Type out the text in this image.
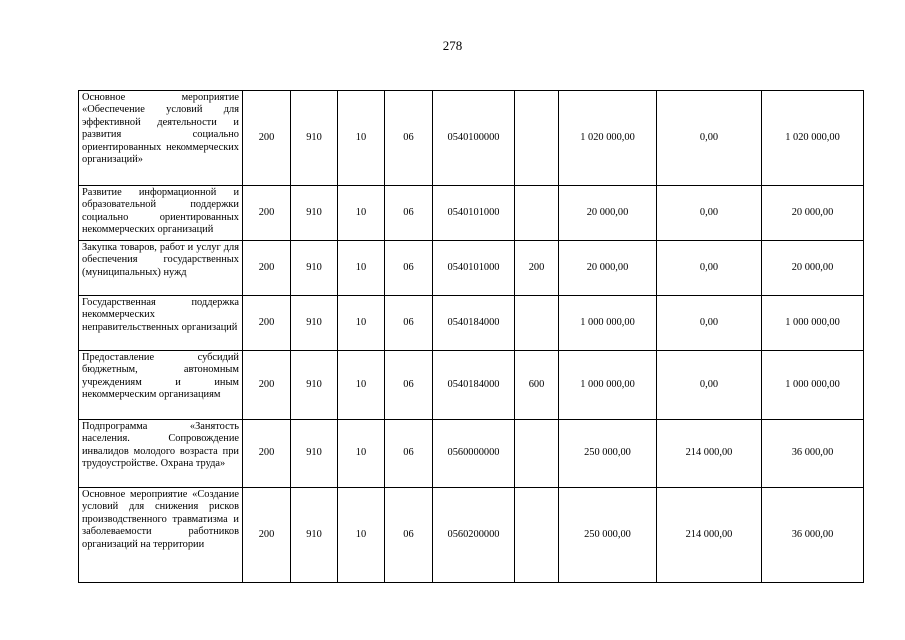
278
Основное мероприятие «Обеспечение условий для эффективной деятельности и развития социально ориентированных некоммерческих организаций»	200	910	10	06	0540100000		1 020 000,00	0,00	1 020 000,00
Развитие информационной и образовательной поддержки социально ориентированных некоммерческих организаций	200	910	10	06	0540101000		20 000,00	0,00	20 000,00
Закупка товаров, работ и услуг для обеспечения государственных (муниципальных) нужд	200	910	10	06	0540101000	200	20 000,00	0,00	20 000,00
Государственная поддержка некоммерческих неправительственных организаций	200	910	10	06	0540184000		1 000 000,00	0,00	1 000 000,00
Предоставление субсидий бюджетным, автономным учреждениям и иным некоммерческим организациям	200	910	10	06	0540184000	600	1 000 000,00	0,00	1 000 000,00
Подпрограмма «Занятость населения. Сопровождение инвалидов молодого возраста при трудоустройстве. Охрана труда»	200	910	10	06	0560000000		250 000,00	214 000,00	36 000,00
Основное мероприятие «Создание условий для снижения рисков производственного травматизма и заболеваемости работников организаций на территории	200	910	10	06	0560200000		250 000,00	214 000,00	36 000,00
